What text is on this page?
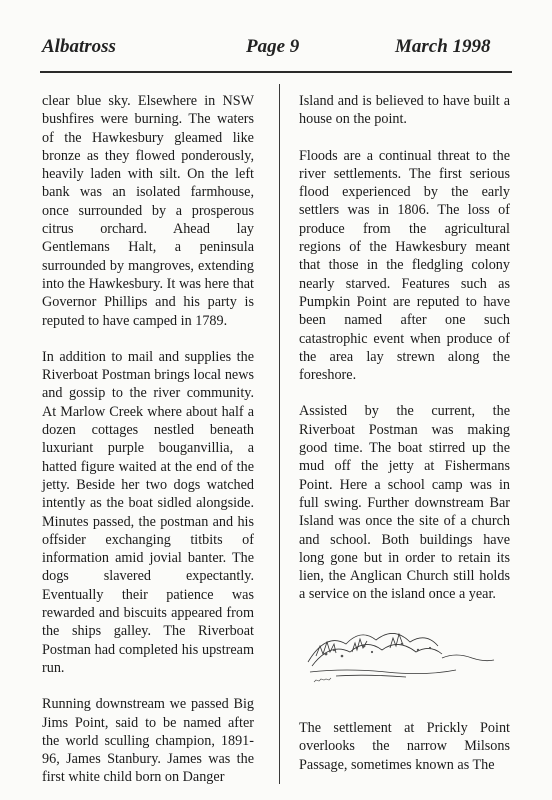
Albatross	Page 9	March 1998

clear blue sky. Elsewhere in NSW bushfires were burning. The waters of the Hawkesbury gleamed like bronze as they flowed ponderously, heavily laden with silt. On the left bank was an isolated farmhouse, once surrounded by a prosperous citrus orchard. Ahead lay Gentlemans Halt, a peninsula surrounded by mangroves, extending into the Hawkesbury. It was here that Governor Phillips and his party is reputed to have camped in 1789.

In addition to mail and supplies the Riverboat Postman brings local news and gossip to the river community. At Marlow Creek where about half a dozen cottages nestled beneath luxuriant purple bouganvillia, a hatted figure waited at the end of the jetty. Beside her two dogs watched intently as the boat sidled alongside. Minutes passed, the postman and his offsider exchanging titbits of information amid jovial banter. The dogs slavered expectantly. Eventually their patience was rewarded and biscuits appeared from the ships galley. The Riverboat Postman had completed his upstream run.

Running downstream we passed Big Jims Point, said to be named after the world sculling champion, 1891-96, James Stanbury. James was the first white child born on Danger

Island and is believed to have built a house on the point.

Floods are a continual threat to the river settlements. The first serious flood experienced by the early settlers was in 1806. The loss of produce from the agricultural regions of the Hawkesbury meant that those in the fledgling colony nearly starved. Features such as Pumpkin Point are reputed to have been named after one such catastrophic event when produce of the area lay strewn along the foreshore.

Assisted by the current, the Riverboat Postman was making good time. The boat stirred up the mud off the jetty at Fishermans Point. Here a school camp was in full swing. Further downstream Bar Island was once the site of a church and school. Both buildings have long gone but in order to retain its lien, the Anglican Church still holds a service on the island once a year.

The settlement at Prickly Point overlooks the narrow Milsons Passage, sometimes known as The
